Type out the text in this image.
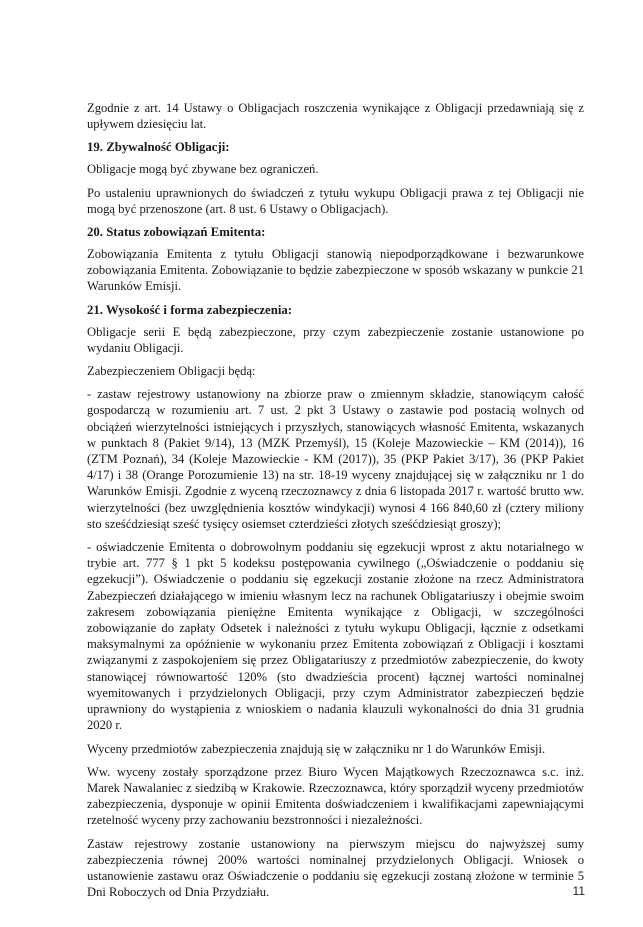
Zgodnie z art. 14 Ustawy o Obligacjach roszczenia wynikające z Obligacji przedawniają się z upływem dziesięciu lat.

19. Zbywalność Obligacji:

Obligacje mogą być zbywane bez ograniczeń.

Po ustaleniu uprawnionych do świadczeń z tytułu wykupu Obligacji prawa z tej Obligacji nie mogą być przenoszone (art. 8 ust. 6 Ustawy o Obligacjach).

20. Status zobowiązań Emitenta:

Zobowiązania Emitenta z tytułu Obligacji stanowią niepodporządkowane i bezwarunkowe zobowiązania Emitenta. Zobowiązanie to będzie zabezpieczone w sposób wskazany w punkcie 21 Warunków Emisji.

21. Wysokość i forma zabezpieczenia:

Obligacje serii E będą zabezpieczone, przy czym zabezpieczenie zostanie ustanowione po wydaniu Obligacji.

Zabezpieczeniem Obligacji będą:

- zastaw rejestrowy ustanowiony na zbiorze praw o zmiennym składzie, stanowiącym całość gospodarczą w rozumieniu art. 7 ust. 2 pkt 3 Ustawy o zastawie pod postacią wolnych od obciążeń wierzytelności istniejących i przyszłych, stanowiących własność Emitenta, wskazanych w punktach 8 (Pakiet 9/14), 13 (MZK Przemyśl), 15 (Koleje Mazowieckie – KM (2014)), 16 (ZTM Poznań), 34 (Koleje Mazowieckie - KM (2017)), 35 (PKP Pakiet 3/17), 36 (PKP Pakiet 4/17) i 38 (Orange Porozumienie 13) na str. 18-19 wyceny znajdującej się w załączniku nr 1 do Warunków Emisji. Zgodnie z wyceną rzeczoznawcy z dnia 6 listopada 2017 r. wartość brutto ww. wierzytelności (bez uwzględnienia kosztów windykacji) wynosi 4 166 840,60 zł (cztery miliony sto sześćdziesiąt sześć tysięcy osiemset czterdzieści złotych sześćdziesiąt groszy);

- oświadczenie Emitenta o dobrowolnym poddaniu się egzekucji wprost z aktu notarialnego w trybie art. 777 § 1 pkt 5 kodeksu postępowania cywilnego („Oświadczenie o poddaniu się egzekucji”). Oświadczenie o poddaniu się egzekucji zostanie złożone na rzecz Administratora Zabezpieczeń działającego w imieniu własnym lecz na rachunek Obligatariuszy i obejmie swoim zakresem zobowiązania pieniężne Emitenta wynikające z Obligacji, w szczególności zobowiązanie do zapłaty Odsetek i należności z tytułu wykupu Obligacji, łącznie z odsetkami maksymalnymi za opóźnienie w wykonaniu przez Emitenta zobowiązań z Obligacji i kosztami związanymi z zaspokojeniem się przez Obligatariuszy z przedmiotów zabezpieczenie, do kwoty stanowiącej równowartość 120% (sto dwadzieścia procent) łącznej wartości nominalnej wyemitowanych i przydzielonych Obligacji, przy czym Administrator zabezpieczeń będzie uprawniony do wystąpienia z wnioskiem o nadania klauzuli wykonalności do dnia 31 grudnia 2020 r.

Wyceny przedmiotów zabezpieczenia znajdują się w załączniku nr 1 do Warunków Emisji.

Ww. wyceny zostały sporządzone przez Biuro Wycen Majątkowych Rzeczoznawca s.c. inż. Marek Nawalaniec z siedzibą w Krakowie. Rzeczoznawca, który sporządził wyceny przedmiotów zabezpieczenia, dysponuje w opinii Emitenta doświadczeniem i kwalifikacjami zapewniającymi rzetelność wyceny przy zachowaniu bezstronności i niezależności.

Zastaw rejestrowy zostanie ustanowiony na pierwszym miejscu do najwyższej sumy zabezpieczenia równej 200% wartości nominalnej przydzielonych Obligacji. Wniosek o ustanowienie zastawu oraz Oświadczenie o poddaniu się egzekucji zostaną złożone w terminie 5 Dni Roboczych od Dnia Przydziału.	11
